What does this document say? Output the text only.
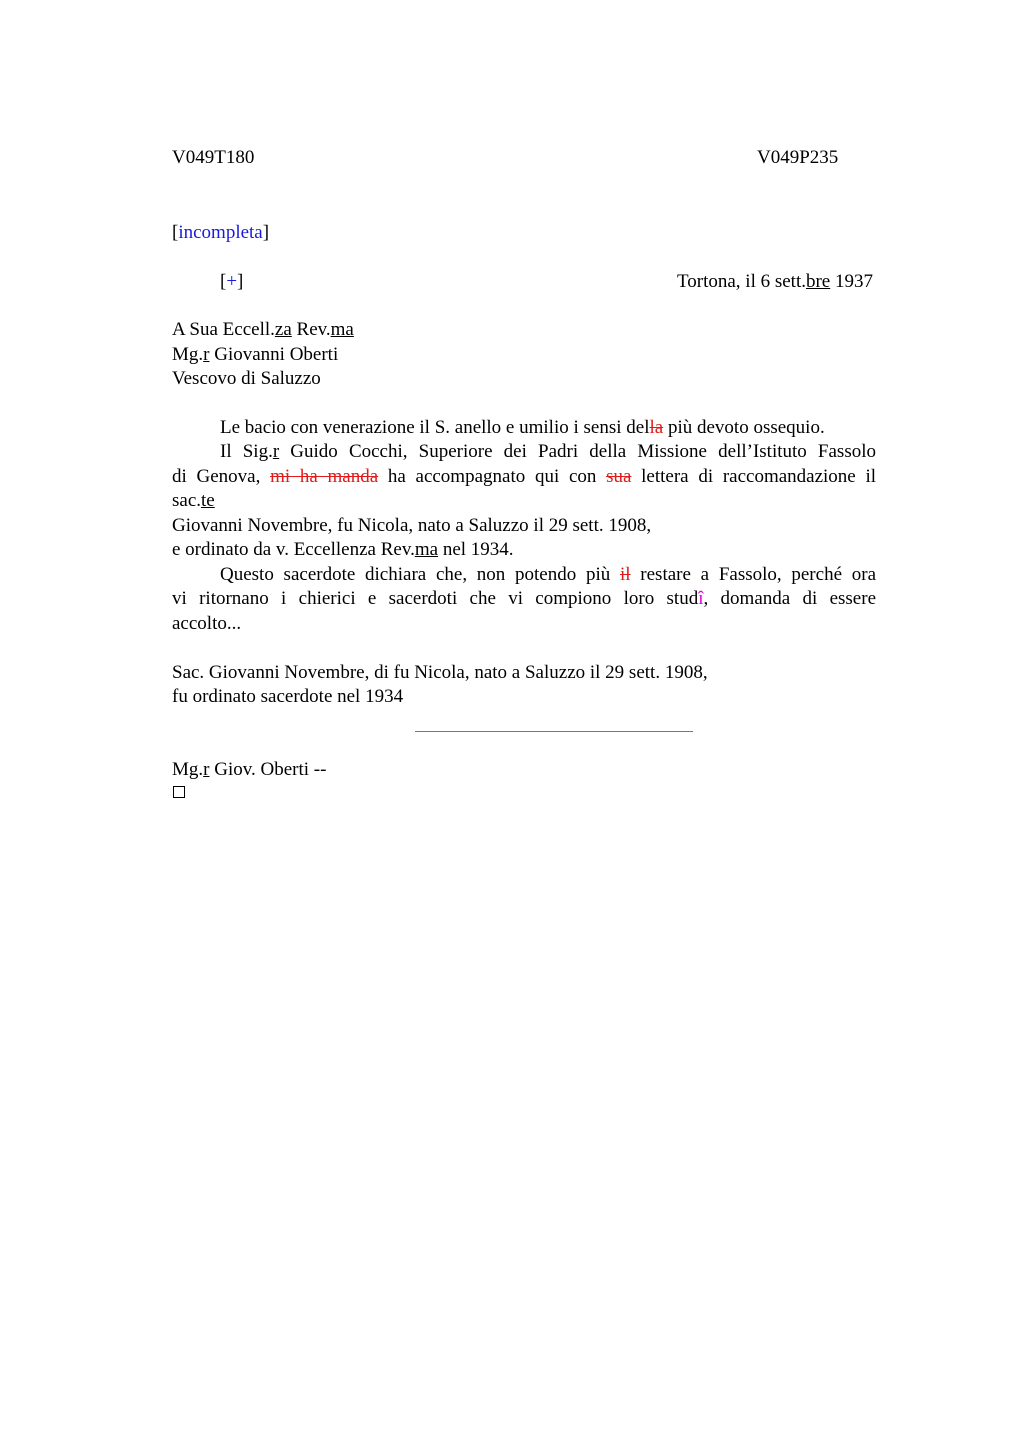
V049T180	V049P235
[incompleta]
[+]	Tortona, il 6 sett.bre 1937
A Sua Eccell.za Rev.ma
Mg.r Giovanni Oberti
Vescovo di Saluzzo
Le bacio con venerazione il S. anello e umilio i sensi della più devoto ossequio.
Il Sig.r Guido Cocchi, Superiore dei Padri della Missione dell’Istituto Fassolo
di Genova, mi ha manda ha accompagnato qui con sua lettera di raccomandazione il
sac.te
Giovanni Novembre, fu Nicola, nato a Saluzzo il 29 sett. 1908,
e ordinato da v. Eccellenza Rev.ma nel 1934.
Questo sacerdote dichiara che, non potendo più il restare a Fassolo, perché ora
vi ritornano i chierici e sacerdoti che vi compiono loro studî, domanda di essere
accolto...
Sac. Giovanni Novembre, di fu Nicola, nato a Saluzzo il 29 sett. 1908,
fu ordinato sacerdote nel 1934
Mg.r Giov. Oberti --
